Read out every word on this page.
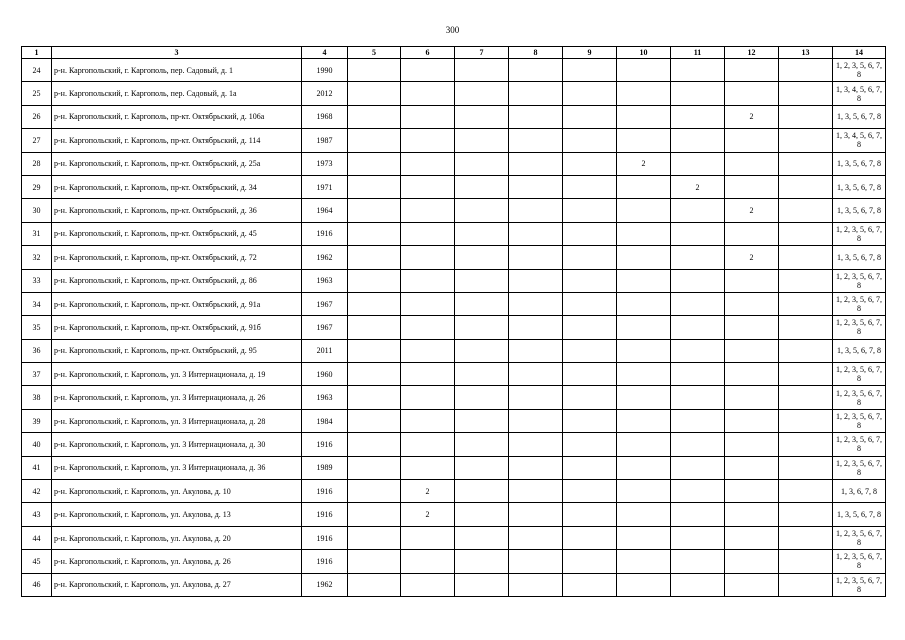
300
1	3	4	5	6	7	8	9	10	11	12	13	14
24	р-н. Каргопольский, г. Каргополь, пер. Садовый, д. 1	1990										1, 2, 3, 5, 6, 7, 8
25	р-н. Каргопольский, г. Каргополь, пер. Садовый, д. 1а	2012										1, 3, 4, 5, 6, 7, 8
26	р-н. Каргопольский, г. Каргополь, пр-кт. Октябрьский, д. 106а	1968								2		1, 3, 5, 6, 7, 8
27	р-н. Каргопольский, г. Каргополь, пр-кт. Октябрьский, д. 114	1987										1, 3, 4, 5, 6, 7, 8
28	р-н. Каргопольский, г. Каргополь, пр-кт. Октябрьский, д. 25а	1973						2				1, 3, 5, 6, 7, 8
29	р-н. Каргопольский, г. Каргополь, пр-кт. Октябрьский, д. 34	1971							2			1, 3, 5, 6, 7, 8
30	р-н. Каргопольский, г. Каргополь, пр-кт. Октябрьский, д. 36	1964								2		1, 3, 5, 6, 7, 8
31	р-н. Каргопольский, г. Каргополь, пр-кт. Октябрьский, д. 45	1916										1, 2, 3, 5, 6, 7, 8
32	р-н. Каргопольский, г. Каргополь, пр-кт. Октябрьский, д. 72	1962								2		1, 3, 5, 6, 7, 8
33	р-н. Каргопольский, г. Каргополь, пр-кт. Октябрьский, д. 86	1963										1, 2, 3, 5, 6, 7, 8
34	р-н. Каргопольский, г. Каргополь, пр-кт. Октябрьский, д. 91а	1967										1, 2, 3, 5, 6, 7, 8
35	р-н. Каргопольский, г. Каргополь, пр-кт. Октябрьский, д. 91б	1967										1, 2, 3, 5, 6, 7, 8
36	р-н. Каргопольский, г. Каргополь, пр-кт. Октябрьский, д. 95	2011										1, 3, 5, 6, 7, 8
37	р-н. Каргопольский, г. Каргополь, ул. 3 Интернационала, д. 19	1960										1, 2, 3, 5, 6, 7, 8
38	р-н. Каргопольский, г. Каргополь, ул. 3 Интернационала, д. 26	1963										1, 2, 3, 5, 6, 7, 8
39	р-н. Каргопольский, г. Каргополь, ул. 3 Интернационала, д. 28	1984										1, 2, 3, 5, 6, 7, 8
40	р-н. Каргопольский, г. Каргополь, ул. 3 Интернационала, д. 30	1916										1, 2, 3, 5, 6, 7, 8
41	р-н. Каргопольский, г. Каргополь, ул. 3 Интернационала, д. 36	1989										1, 2, 3, 5, 6, 7, 8
42	р-н. Каргопольский, г. Каргополь, ул. Акулова, д. 10	1916		2								1, 3, 6, 7, 8
43	р-н. Каргопольский, г. Каргополь, ул. Акулова, д. 13	1916		2								1, 3, 5, 6, 7, 8
44	р-н. Каргопольский, г. Каргополь, ул. Акулова, д. 20	1916										1, 2, 3, 5, 6, 7, 8
45	р-н. Каргопольский, г. Каргополь, ул. Акулова, д. 26	1916										1, 2, 3, 5, 6, 7, 8
46	р-н. Каргопольский, г. Каргополь, ул. Акулова, д. 27	1962										1, 2, 3, 5, 6, 7, 8
